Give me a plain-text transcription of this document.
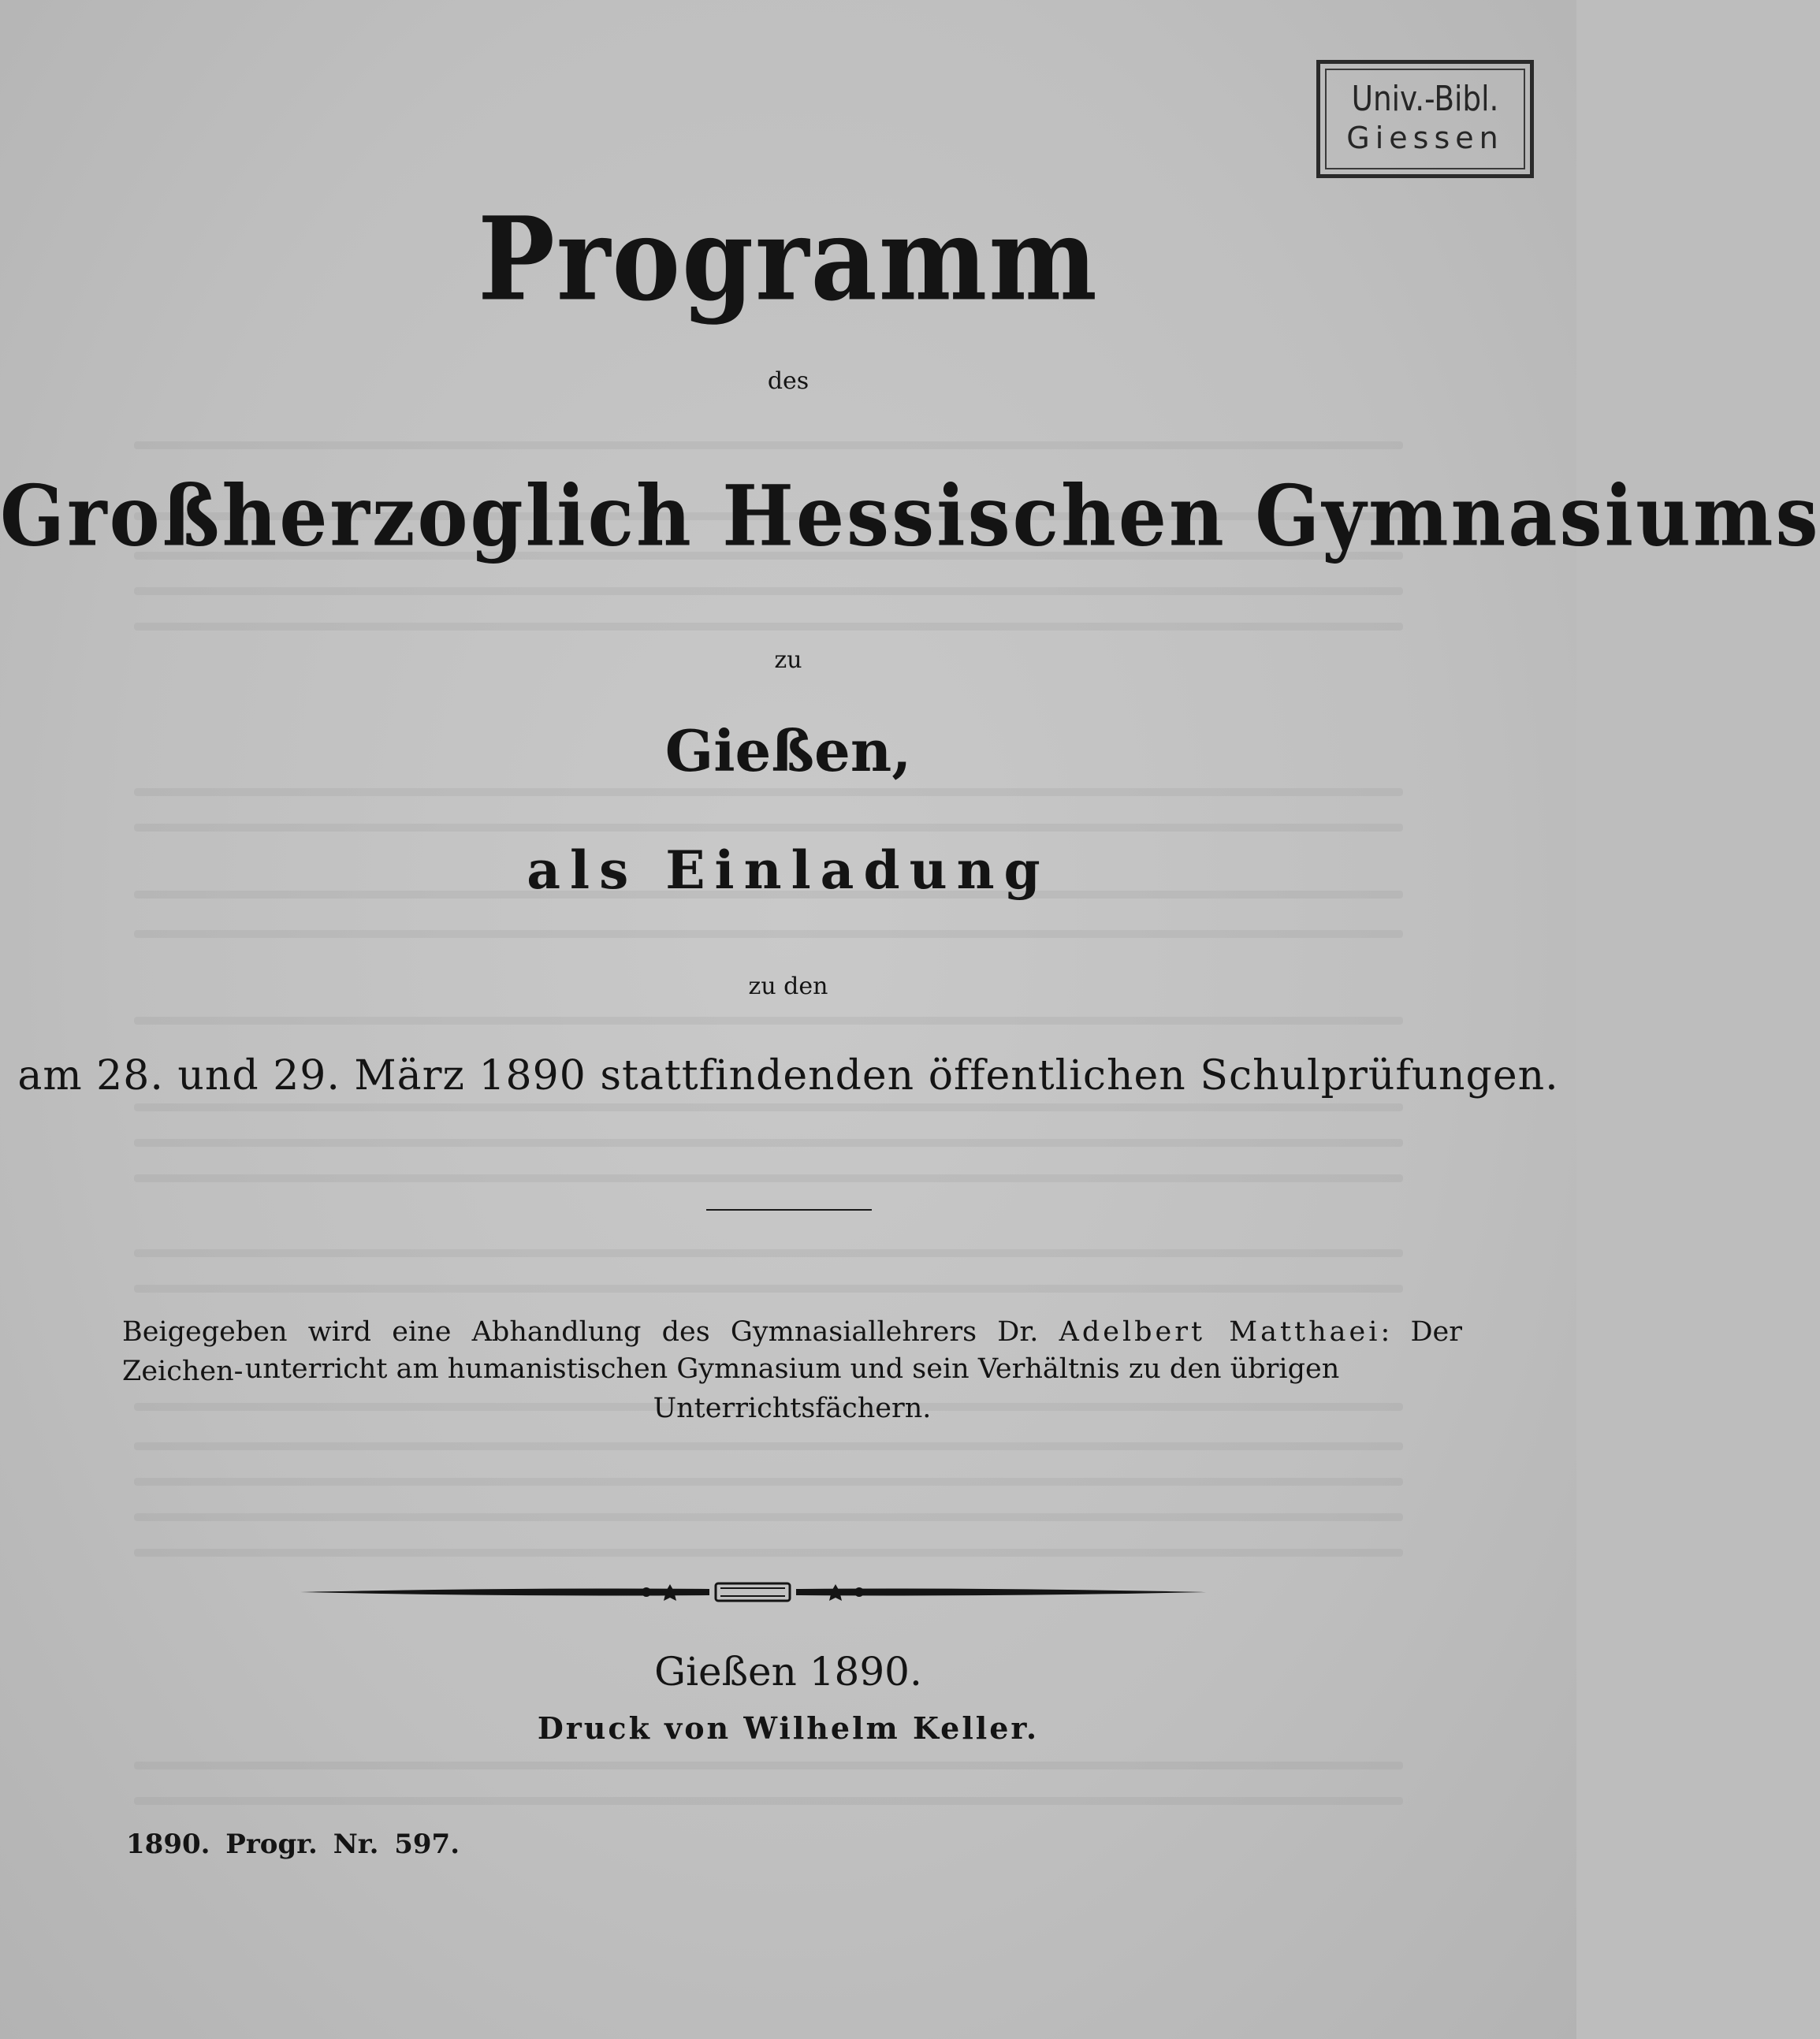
Univ.-Bibl.
Giessen
Programm
des
Großherzoglich Hessischen Gymnasiums
zu
Gießen,
als Einladung
zu den
am 28. und 29. März 1890 stattfindenden öffentlichen Schulprüfungen.
Beigegeben wird eine Abhandlung des Gymnasiallehrers Dr. Adelbert Matthaei: Der Zeichen- unterricht am humanistischen Gymnasium und sein Verhältnis zu den übrigen Unterrichtsfächern.
Gießen 1890.
Druck von Wilhelm Keller.
1890. Progr. Nr. 597.
